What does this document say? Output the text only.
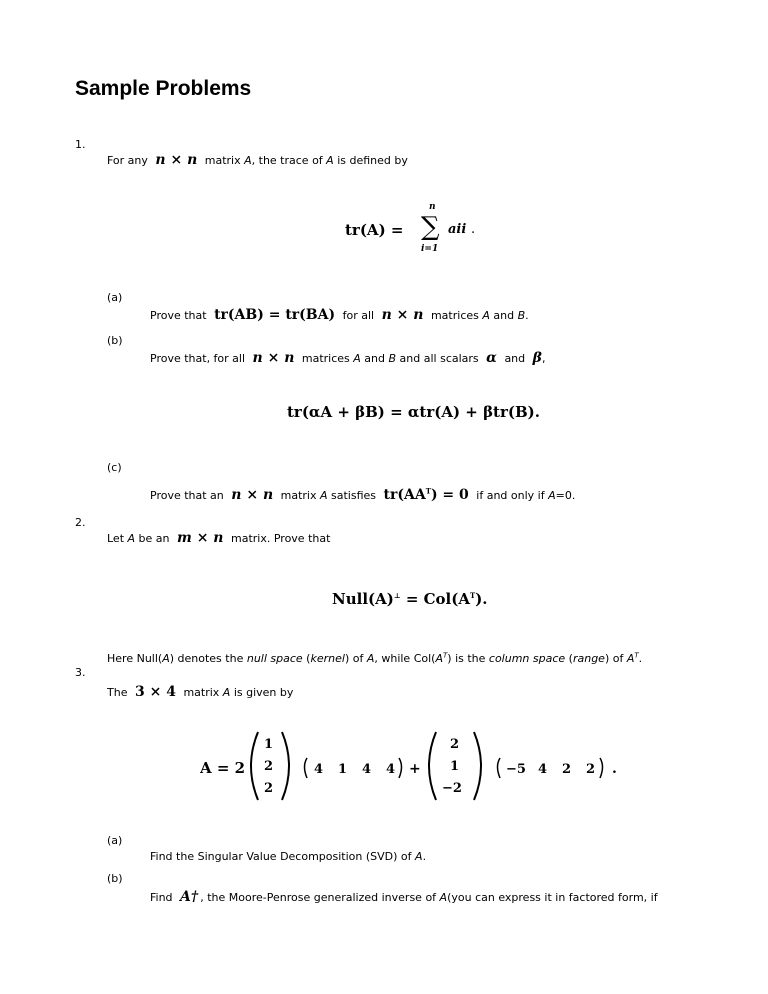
Sample Problems
1.
For any n × n matrix A, the trace of A is defined by
tr(A) =
n
∑
i=1
aii .
(a)
Prove that tr(AB) = tr(BA) for all n × n matrices A and B.
(b)
Prove that, for all n × n matrices A and B and all scalars α and β,
tr(αA + βB) = αtr(A) + βtr(B).
(c)
Prove that an n × n matrix A satisfies $tr(AA^T) = 0$ if and only if A=0.
2.
Let A be an m × n matrix. Prove that
Null(A)⊥ = $Col(A^T)$.
Here Null(A) denotes the null space (kernel) of A, while $Col(A^T)$ is the column space (range) of $A^T$.
3.
The 3 × 4 matrix A is given by
A = 2
1
2
2
4 1 4 4 +
2
1
−2
−5 4 2 2 .
(a)
Find the Singular Value Decomposition (SVD) of A.
(b)
Find A† , the Moore-Penrose generalized inverse of A(you can express it in factored form, if
